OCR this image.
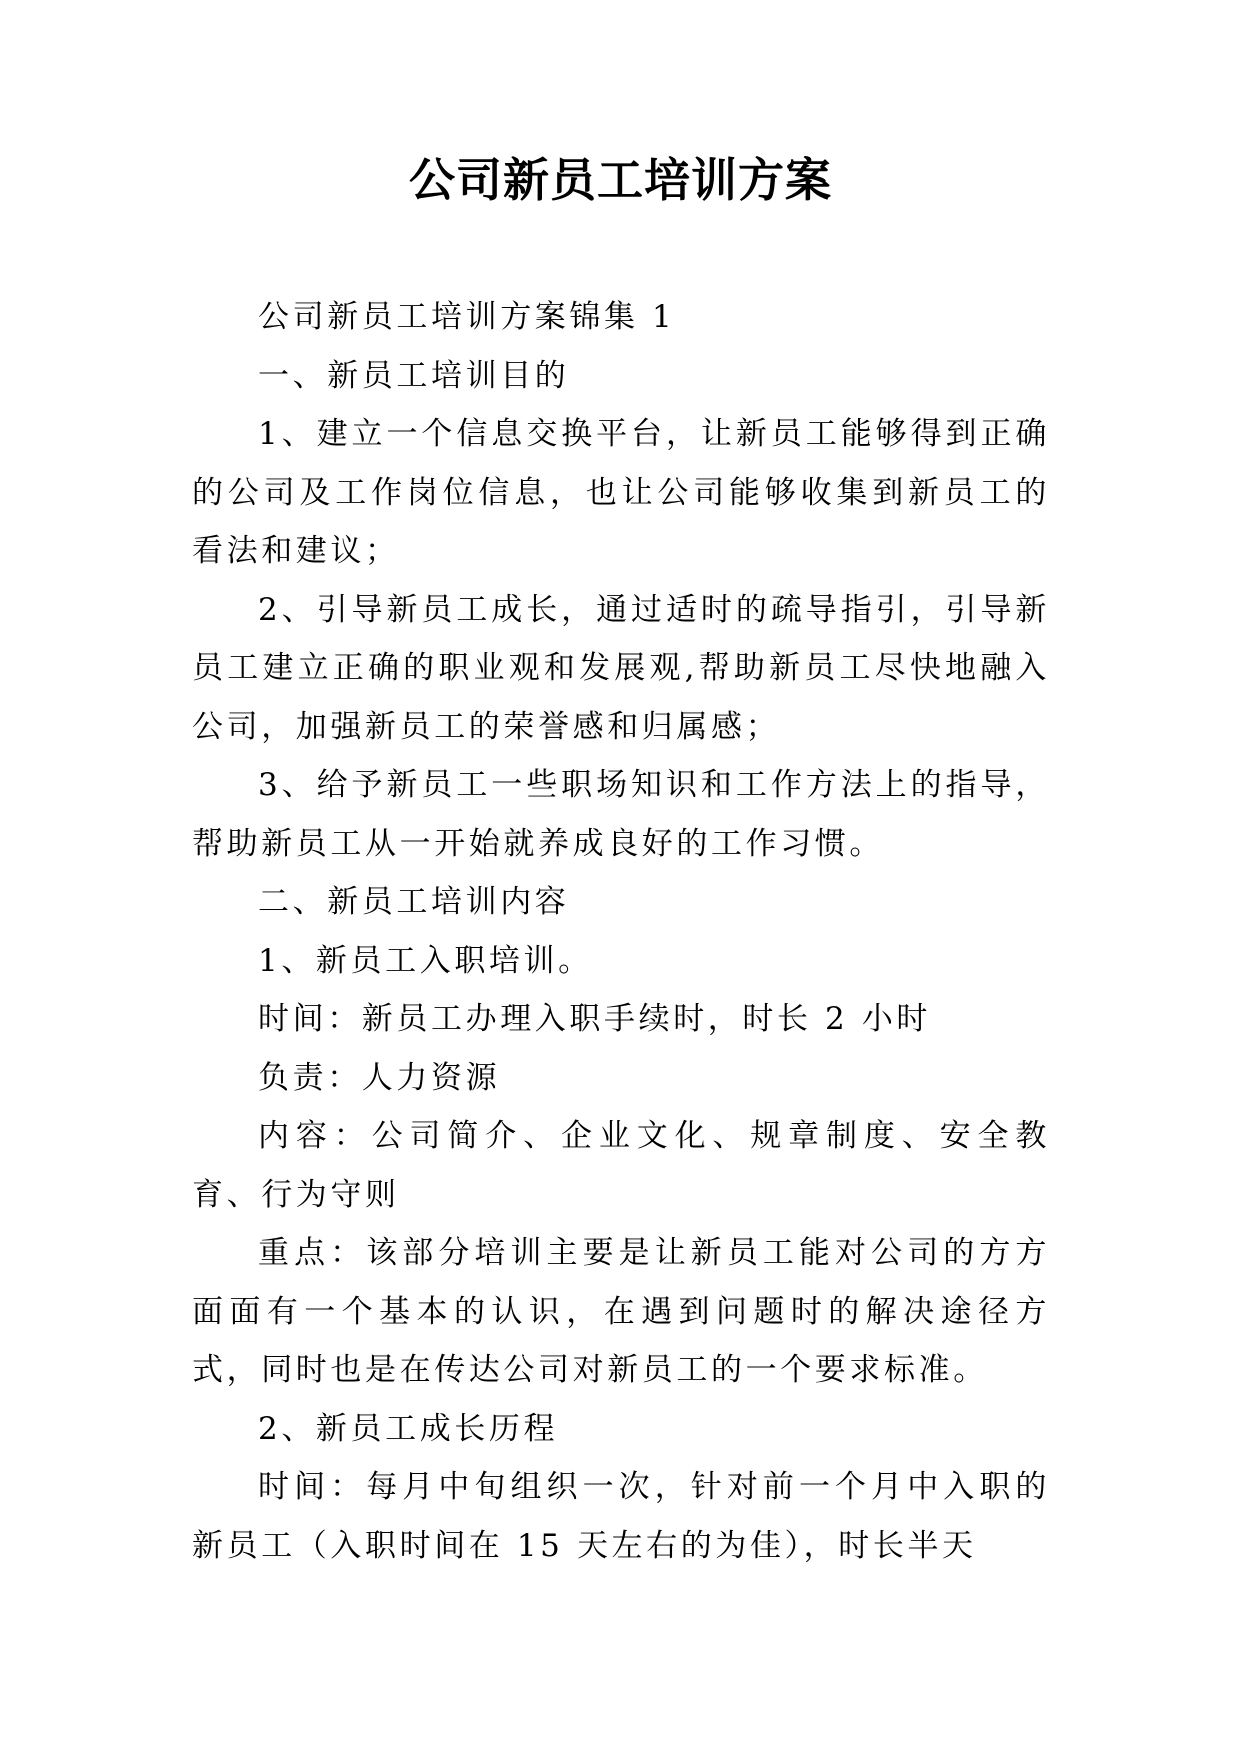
公司新员工培训方案

公司新员工培训方案锦集 1

一、新员工培训目的

1、建立一个信息交换平台，让新员工能够得到正确的公司及工作岗位信息，也让公司能够收集到新员工的看法和建议；

2、引导新员工成长，通过适时的疏导指引，引导新员工建立正确的职业观和发展观,帮助新员工尽快地融入公司，加强新员工的荣誉感和归属感；

3、给予新员工一些职场知识和工作方法上的指导，帮助新员工从一开始就养成良好的工作习惯。

二、新员工培训内容

1、新员工入职培训。

时间：新员工办理入职手续时，时长 2 小时

负责：人力资源

内容：公司简介、企业文化、规章制度、安全教育、行为守则

重点：该部分培训主要是让新员工能对公司的方方面面有一个基本的认识，在遇到问题时的解决途径方式，同时也是在传达公司对新员工的一个要求标准。

2、新员工成长历程

时间：每月中旬组织一次，针对前一个月中入职的新员工（入职时间在 15 天左右的为佳），时长半天
